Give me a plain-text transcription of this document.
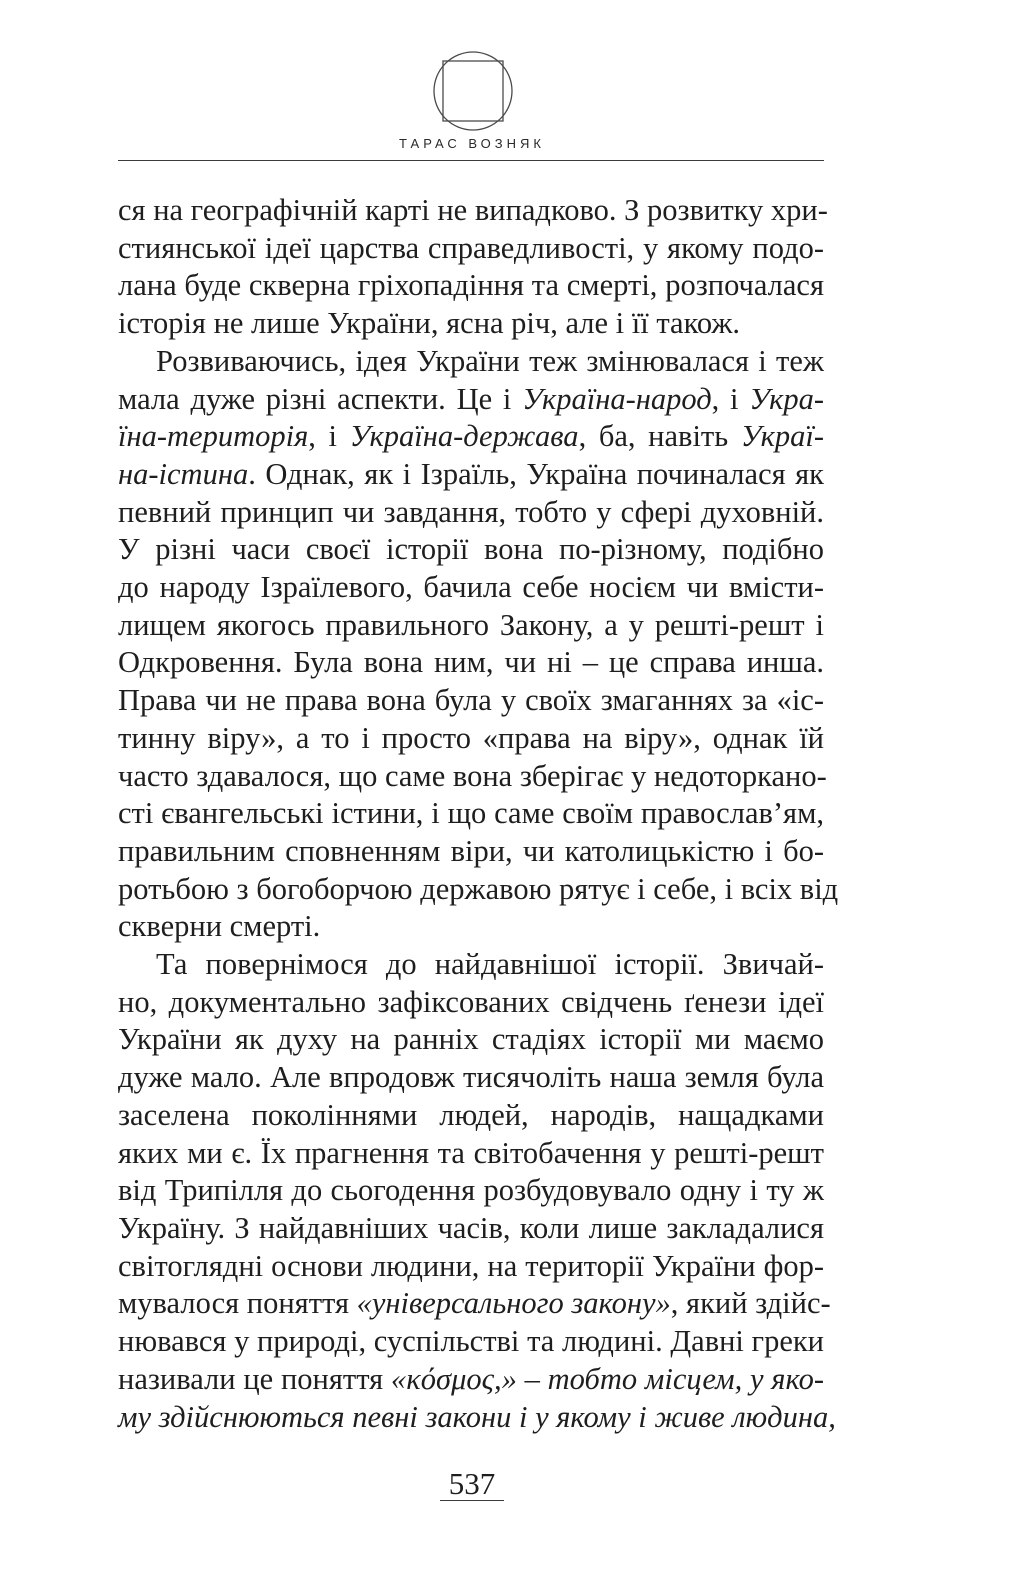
ТАРАС ВОЗНЯК
ся на географічній карті не випадково. З розвитку хри-
стиянської ідеї царства справедливості, у якому подо-
лана буде скверна гріхопадіння та смерті, розпочалася
історія не лише України, ясна річ, але і її також.
Розвиваючись, ідея України теж змінювалася і теж
мала дуже різні аспекти. Це і Україна-народ, і Укра-
їна-територія, і Україна-держава, ба, навіть Украї-
на-істина. Однак, як і Ізраїль, Україна починалася як
певний принцип чи завдання, тобто у сфері духовній.
У різні часи своєї історії вона по-різному, подібно
до народу Ізраїлевого, бачила себе носієм чи вмісти-
лищем якогось правильного Закону, а у решті-решт і
Одкровення. Була вона ним, чи ні – це справа инша.
Права чи не права вона була у своїх змаганнях за «іс-
тинну віру», а то і просто «права на віру», однак їй
часто здавалося, що саме вона зберігає у недоторкано-
сті євангельські істини, і що саме своїм православ’ям,
правильним сповненням віри, чи католицькістю і бо-
ротьбою з богоборчою державою рятує і себе, і всіх від
скверни смерті.
Та повернімося до найдавнішої історії. Звичай-
но, документально зафіксованих свідчень ґенези ідеї
України як духу на ранніх стадіях історії ми маємо
дуже мало. Але впродовж тисячоліть наша земля була
заселена поколіннями людей, народів, нащадками
яких ми є. Їх прагнення та світобачення у решті-решт
від Трипілля до сьогодення розбудовувало одну і ту ж
Україну. З найдавніших часів, коли лише закладалися
світоглядні основи людини, на території України фор-
мувалося поняття «універсального закону», який здійс-
нювався у природі, суспільстві та людині. Давні греки
називали це поняття «κόσμος,» – тобто місцем, у яко-
му здійснюються певні закони і у якому і живе людина,
537
